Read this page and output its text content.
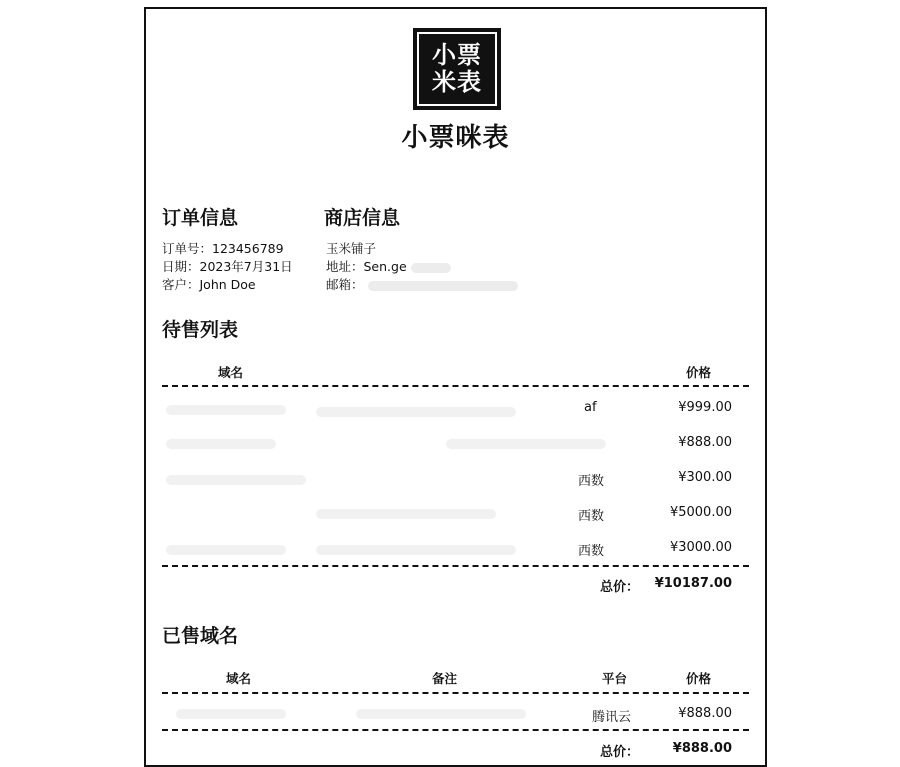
小票米表
小票咪表
订单信息
订单号：123456789
日期：2023年7月31日
客户：John Doe
商店信息
玉米铺子
地址：Sen.ge
邮箱：
待售列表
域名	价格
af	¥999.00
¥888.00
西数	¥300.00
西数	¥5000.00
西数	¥3000.00
总价： ¥10187.00
已售域名
域名	备注	平台	价格
腾讯云	¥888.00
总价：	¥888.00
